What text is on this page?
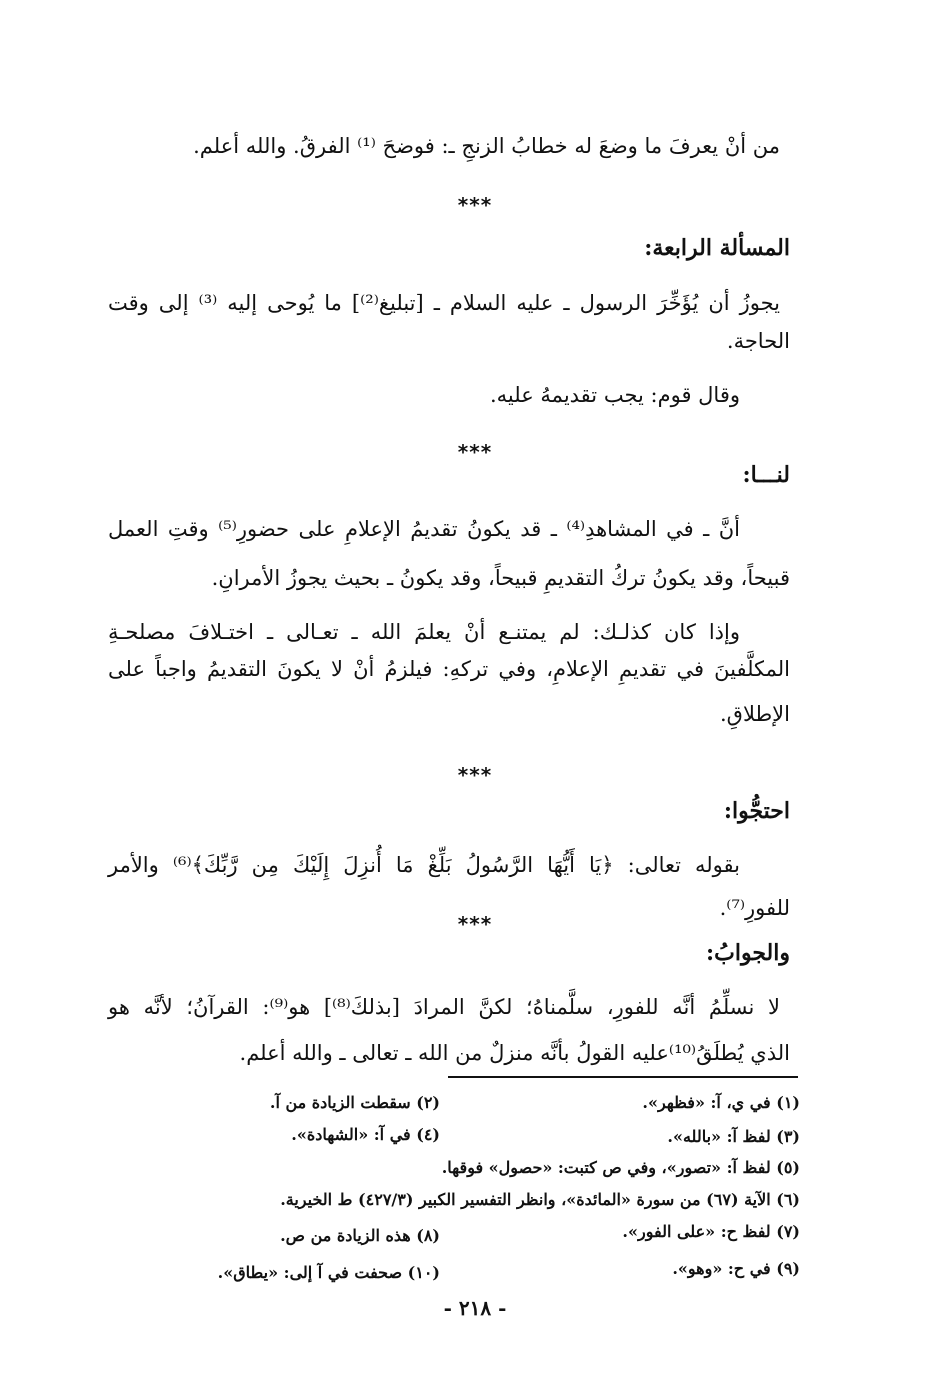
من أنْ يعرفَ ما وضعَ له خطابُ الزنجِ ـ: فوضحَ ⁽¹⁾ الفرقُ. والله أعلم.
***
المسألة الرابعة:
يجوزُ أن يُؤَخِّرَ الرسول ـ عليه السلام ـ [تبليغ⁽²⁾] ما يُوحى إليه ⁽³⁾ إلى وقت
الحاجة.
وقال قوم: يجب تقديمهُ عليه.
***
لنـــا:
أنَّ ـ في المشاهدِ⁽⁴⁾ ـ قد يكونُ تقديمُ الإعلامِ على حضورِ⁽⁵⁾ وقتِ العمل
قبيحاً، وقد يكونُ تركُ التقديمِ قبيحاً، وقد يكونُ ـ بحيث يجوزُ الأمرانِ.
وإذا كان كذلـك: لم يمتنـع أنْ يعلمَ الله ـ تعـالى ـ اختـلافَ مصلحـةِ
المكلَّفينَ في تقديمِ الإعلامِ، وفي تركهِ: فيلزمُ أنْ لا يكونَ التقديمُ واجباً على
الإطلاقِ.
***
احتجُّوا:
بقوله تعالى: ﴿يَا أَيُّهَا الرَّسُولُ بَلِّغْ مَا أُنزِلَ إِلَيْكَ مِن رَّبِّكَ﴾⁽⁶⁾ والأمر
للفورِ⁽⁷⁾.
***
والجوابُ:
لا نسلِّمُ أنَّه للفورِ، سلَّمناهُ؛ لكنَّ المرادَ [بذلكَ⁽⁸⁾] هو⁽⁹⁾: القرآنُ؛ لأنَّه هو
الذي يُطلَقُ⁽¹⁰⁾عليه القولُ بأنَّه منزلٌ من الله ـ تعالى ـ والله أعلم.
(١) في ي، آ: «فظهر».
(٢) سقطت الزيادة من آ.
(٣) لفظ آ: «بالله».
(٤) في آ: «الشهادة».
(٥) لفظ آ: «تصور»، وفي ص كتبت: «حصول» فوقها.
(٦) الآية (٦٧) من سورة «المائدة»، وانظر التفسير الكبير (٤٢٧/٣) ط الخيرية.
(٧) لفظ ح: «على الفور».
(٨) هذه الزيادة من ص.
(٩) في ح: «وهو».
(١٠) صحفت في آ إلى: «يطاق».
- ٢١٨ -
